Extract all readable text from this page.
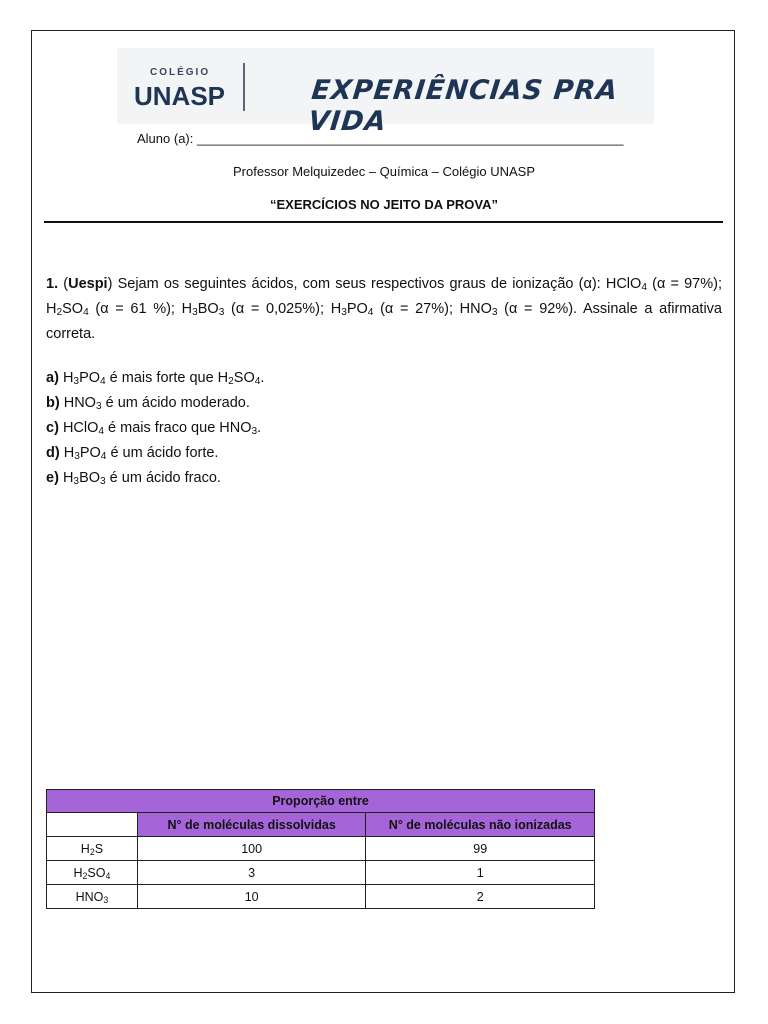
COLÉGIO
UNASP	EXPERIÊNCIAS PRA VIDA
Aluno (a): ___________________________________________________________
Professor Melquizedec – Química – Colégio UNASP
“EXERCÍCIOS NO JEITO DA PROVA”
1. (Uespi) Sejam os seguintes ácidos, com seus respectivos graus de ionização (α): HClO$_4$ (α = 97%); $H_2SO_4$ (α = 61 %); $H_3BO_3$ (α = 0,025%); $H_3PO_4$ (α = 27%); $HNO_3$ (α = 92%). Assinale a afirmativa correta.
a) $H_3PO_4$ é mais forte que $H_2SO_4$.
b) $HNO_3$ é um ácido moderado.
c) HClO$_4$ é mais fraco que $HNO_3$.
d) $H_3PO_4$ é um ácido forte.
e) $H_3BO_3$ é um ácido fraco.
Proporção entre		
	N° de moléculas dissolvidas	N° de moléculas não ionizadas
$H_2S$	100	99
$H_2SO_4$	3	1
$HNO_3$	10	2
